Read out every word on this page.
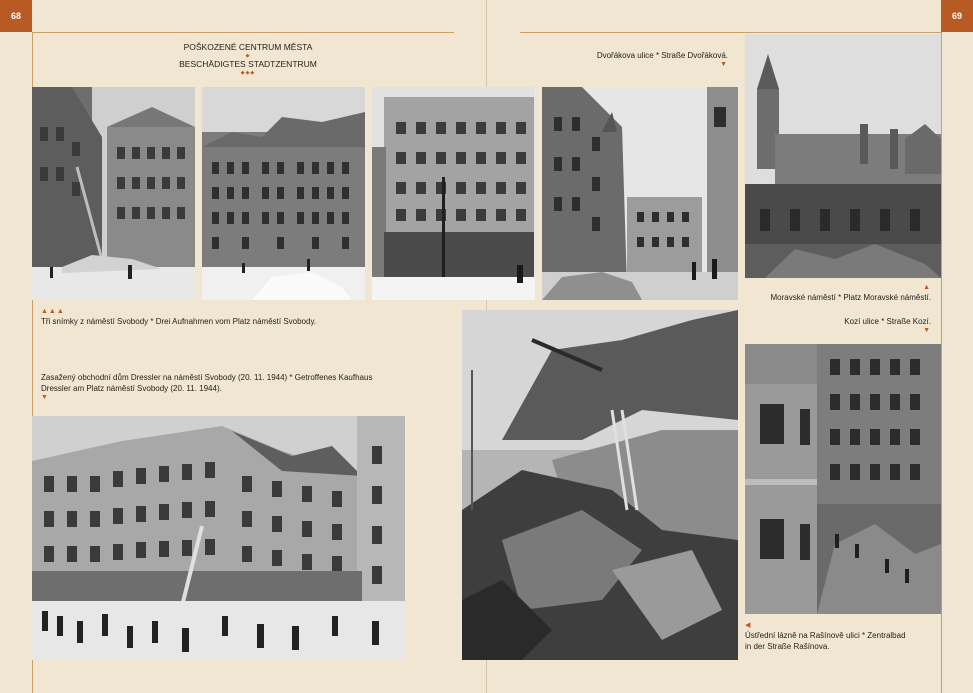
68	69
POŠKOZENÉ CENTRUM MĚSTA
◆
BESCHÄDIGTES STADTZENTRUM
◆◆◆
Dvořákova ulice * Straße Dvořáková.
▼
▲
Moravské náměstí * Platz Moravské náměstí.
Kozí ulice * Straße Kozí.
▼
▲▲▲
Tři snímky z náměstí Svobody * Drei Aufnahmen vom Platz náměstí Svobody.
Zasažený obchodní dům Dressler na náměstí Svobody (20. 11. 1944) * Getroffenes Kaufhaus
Dressler am Platz náměstí Svobody (20. 11. 1944).
▼
◀
Ústřední lázně na Rašínově ulici * Zentralbad
in der Straße Rašínova.
